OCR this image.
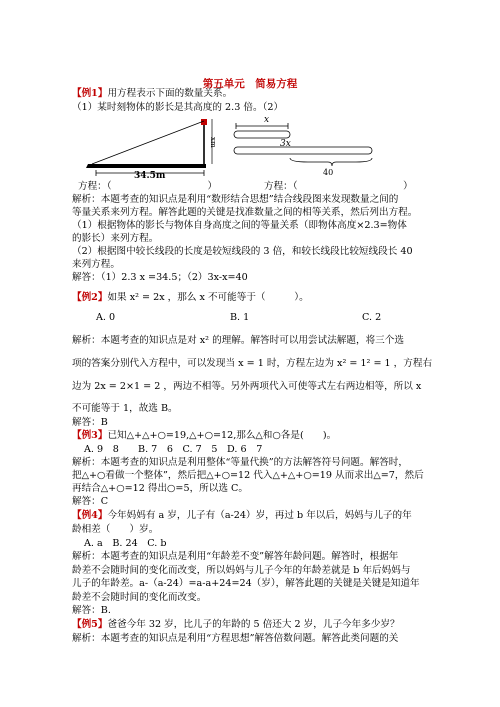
第五单元　简易方程
【例1】用方程表示下面的数量关系。
（1）某时刻物体的影长是其高度的 2.3 倍。（2）
34.5m
xm
x
3x
40
方程：（　　　　　　　　　　）	方程：（　　　　　　　　　　　）
解析：本题考查的知识点是利用“数形结合思想”结合线段图来发现数量之间的
等量关系来列方程。解答此题的关键是找准数量之间的相等关系，然后列出方程。
（1）根据物体的影长与物体自身高度之间的等量关系（即物体高度×2.3=物体
的影长）来列方程。
（2）根据图中较长线段的长度是较短线段的 3 倍，和较长线段比较短线段长 40
来列方程。
解答：（1）2.3 x =34.5；（2）3x-x=40
【例2】如果 x² = 2x ，那么 x 不可能等于（　　　）。
A. 0	B. 1	C. 2
解析：本题考查的知识点是对 x² 的理解。解答时可以用尝试法解题，将三个选
项的答案分别代入方程中，可以发现当 x = 1 时，方程左边为 x² = 1² = 1 ，方程右
边为 2x = 2×1 = 2 ，两边不相等。另外两项代入可使等式左右两边相等，所以 x
不可能等于 1，故选 B。
解答：B
【例3】已知△+△+○=19,△+○=12,那么△和○各是(　　)。
A. 9　8　　B. 7　6　C. 7　5　D. 6　7
解析：本题考查的知识点是利用整体“等量代换”的方法解答符号问题。解答时，
把△+○看做一个整体”，然后把△+○=12 代入△+△+○=19 从而求出△=7，然后
再结合△+○=12 得出○=5，所以选 C。
解答：C
【例4】今年妈妈有 a 岁，儿子有（a-24）岁，再过 b 年以后，妈妈与儿子的年
龄相差（　　）岁。
A. a　B. 24　C. b
解析：本题考查的知识点是利用“年龄差不变”解答年龄问题。解答时，根据年
龄差不会随时间的变化而改变，所以妈妈与儿子今年的年龄差就是 b 年后妈妈与
儿子的年龄差。a-（a-24）=a-a+24=24（岁），解答此题的关键是关键是知道年
龄差不会随时间的变化而改变。
解答：B.
【例5】爸爸今年 32 岁，比儿子的年龄的 5 倍还大 2 岁，儿子今年多少岁？
解析：本题考查的知识点是利用“方程思想”解答倍数问题。解答此类问题的关
